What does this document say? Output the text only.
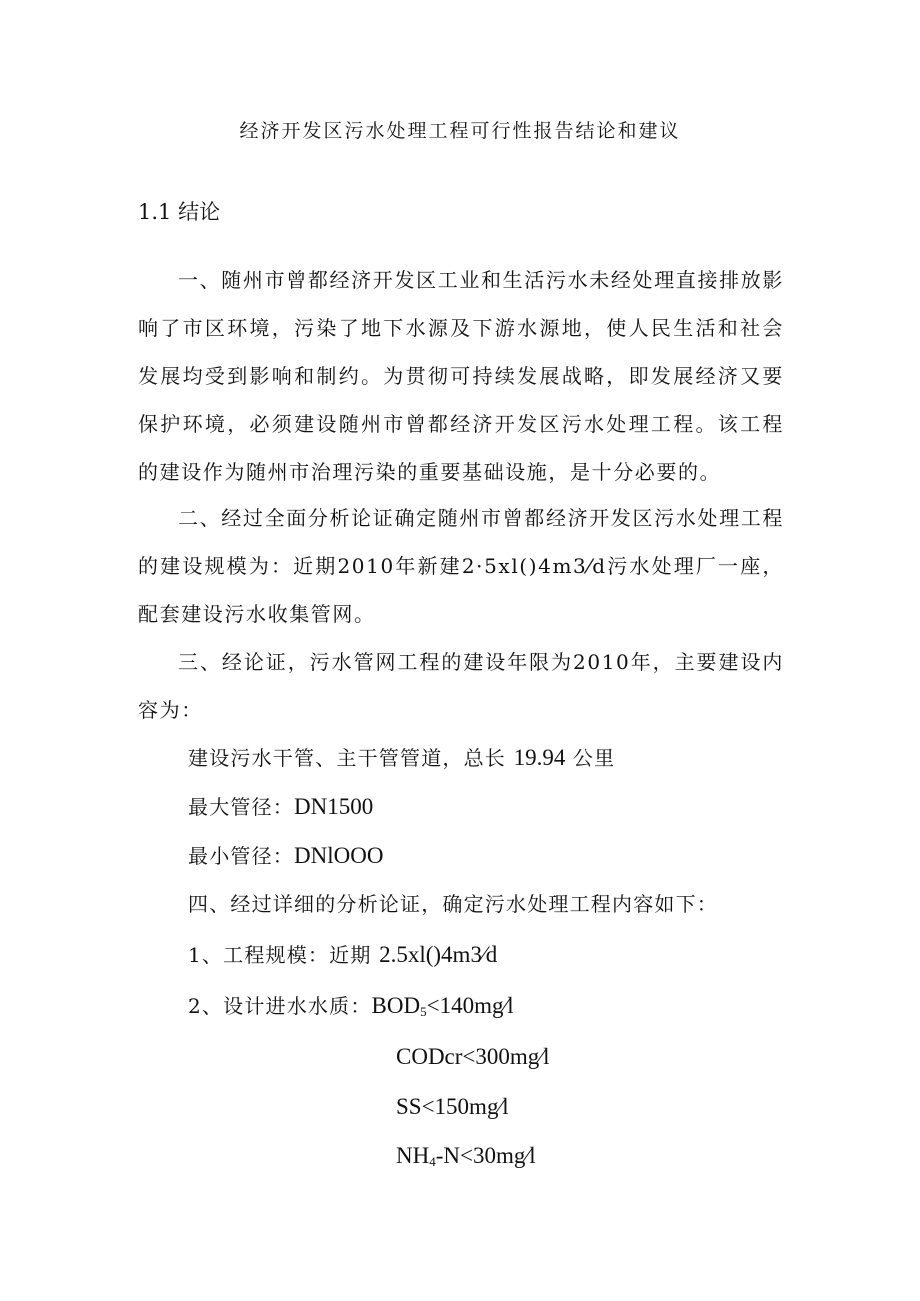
经济开发区污水处理工程可行性报告结论和建议
1.1 结论
一、随州市曾都经济开发区工业和生活污水未经处理直接排放影响了市区环境，污染了地下水源及下游水源地，使人民生活和社会发展均受到影响和制约。为贯彻可持续发展战略，即发展经济又要保护环境，必须建设随州市曾都经济开发区污水处理工程。该工程的建设作为随州市治理污染的重要基础设施，是十分必要的。
二、经过全面分析论证确定随州市曾都经济开发区污水处理工程的建设规模为：近期2010年新建2·5xl()4m3⁄d污水处理厂一座，配套建设污水收集管网。
三、经论证，污水管网工程的建设年限为2010年，主要建设内容为：
建设污水干管、主干管管道，总长 19.94 公里
最大管径：DN1500
最小管径：DNlOOO
四、经过详细的分析论证，确定污水处理工程内容如下：
1、工程规模：近期 2.5xl()4m3⁄d
2、设计进水水质：$BOD_5<140mg⁄l$
CODcr<300mg⁄l
SS<150mg⁄l
$NH_4-N<30mg⁄l$
